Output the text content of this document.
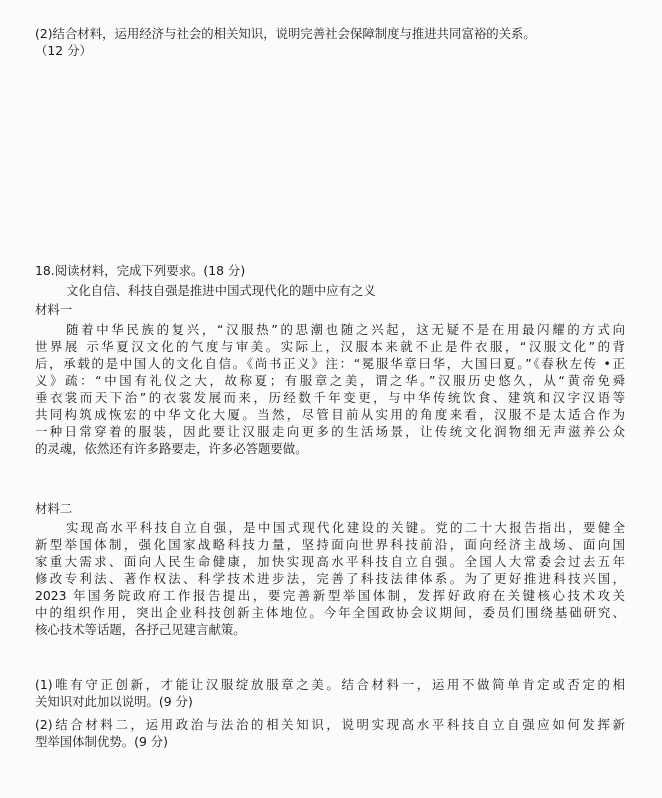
(2)结合材料，运用经济与社会的相关知识，说明完善社会保障制度与推进共同富裕的关系。
（12 分）
18.阅读材料，完成下列要求。(18 分)
文化自信、科技自强是推进中国式现代化的题中应有之义
材料一
随着中华民族的复兴，“汉服热”的思潮也随之兴起，这无疑不是在用最闪耀的方式向
世界展 示华夏汉文化的气度与审美。实际上，汉服本来就不止是件衣服，“汉服文化”的背
后，承载的是中国人的文化自信。《尚书正义》注：“冕服华章曰华，大国曰夏。”《春秋左传 •正
义》疏：“中国有礼仪之大，故称夏；有服章之美，谓之华。”汉服历史悠久，从“黄帝免舜
垂衣裳而天下治”的衣裳发展而来，历经数千年变更，与中华传统饮食、建筑和汉字汉语等
共同构筑成恢宏的中华文化大厦。当然，尽管目前从实用的角度来看，汉服不是太适合作为
一种日常穿着的服装，因此要让汉服走向更多的生活场景，让传统文化润物细无声滋养公众
的灵魂，依然还有许多路要走，许多必答题要做。
材料二
实现高水平科技自立自强，是中国式现代化建设的关键。党的二十大报告指出，要健全
新型举国体制，强化国家战略科技力量，坚持面向世界科技前沿，面向经济主战场、面向国
家重大需求、面向人民生命健康，加快实现高水平科技自立自强。全国人大常委会过去五年
修改专利法、著作权法、科学技术进步法，完善了科技法律体系。为了更好推进科技兴国，
2023 年国务院政府工作报告提出，要完善新型举国体制，发挥好政府在关键核心技术攻关
中的组织作用，突出企业科技创新主体地位。今年全国政协会议期间，委员们围绕基础研究、
核心技术等话题，各抒己见建言献策。
(1)唯有守正创新，才能让汉服绽放服章之美。结合材料一，运用不做简单肯定或否定的相
关知识对此加以说明。(9 分)
(2)结合材料二，运用政治与法治的相关知识，说明实现高水平科技自立自强应如何发挥新
型举国体制优势。(9 分)
